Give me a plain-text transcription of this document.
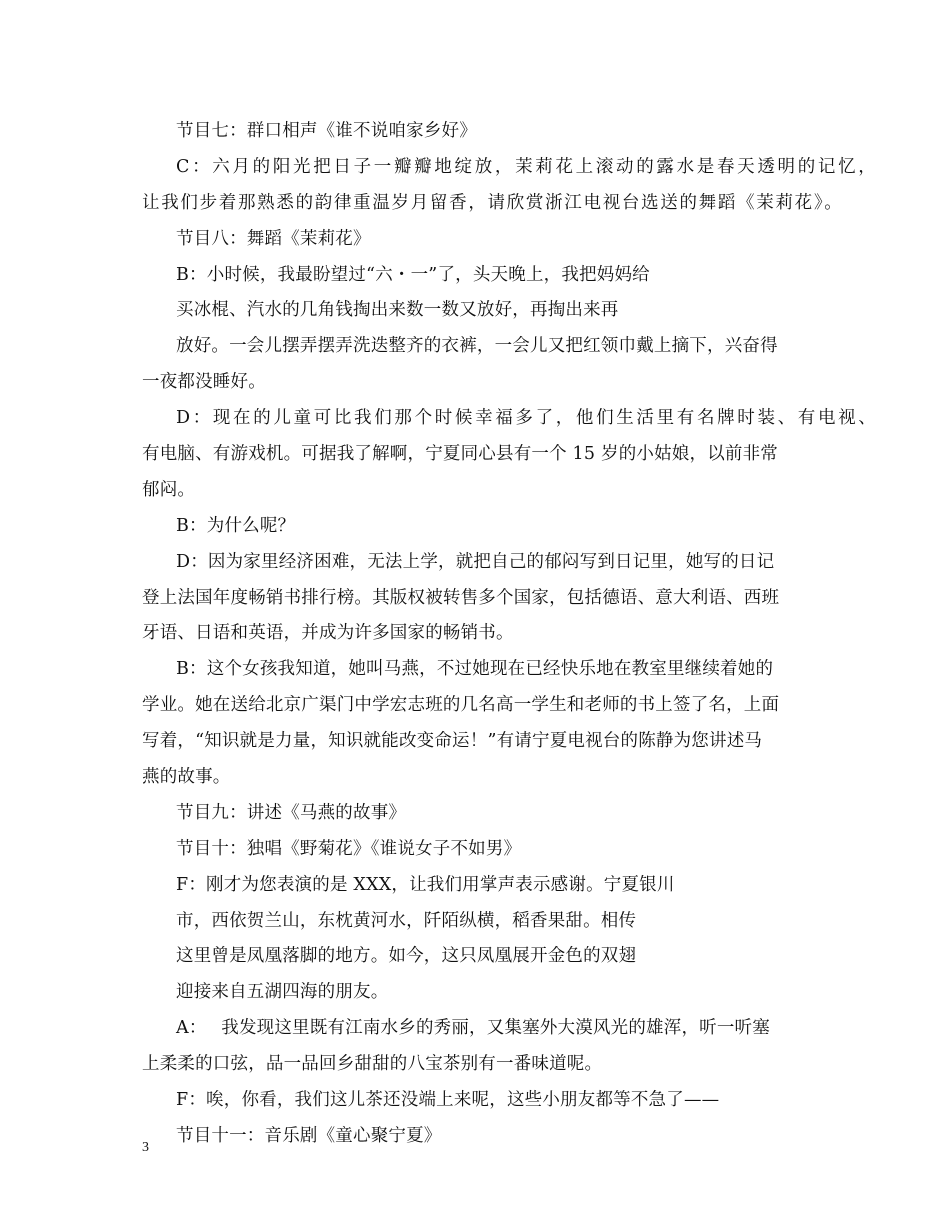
节目七：群口相声《谁不说咱家乡好》
C：六月的阳光把日子一瓣瓣地绽放，茉莉花上滚动的露水是春天透明的记忆，
让我们步着那熟悉的韵律重温岁月留香，请欣赏浙江电视台选送的舞蹈《茉莉花》。
节目八：舞蹈《茉莉花》
B：小时候，我最盼望过“六・一”了，头天晚上，我把妈妈给
买冰棍、汽水的几角钱掏出来数一数又放好，再掏出来再
放好。一会儿摆弄摆弄洗迭整齐的衣裤，一会儿又把红领巾戴上摘下，兴奋得
一夜都没睡好。
D：现在的儿童可比我们那个时候幸福多了，他们生活里有名牌时装、有电视、
有电脑、有游戏机。可据我了解啊，宁夏同心县有一个 15 岁的小姑娘，以前非常
郁闷。
B：为什么呢？
D：因为家里经济困难，无法上学，就把自己的郁闷写到日记里，她写的日记
登上法国年度畅销书排行榜。其版权被转售多个国家，包括德语、意大利语、西班
牙语、日语和英语，并成为许多国家的畅销书。
B：这个女孩我知道，她叫马燕，不过她现在已经快乐地在教室里继续着她的
学业。她在送给北京广渠门中学宏志班的几名高一学生和老师的书上签了名，上面
写着，“知识就是力量，知识就能改变命运！”有请宁夏电视台的陈静为您讲述马
燕的故事。
节目九：讲述《马燕的故事》
节目十：独唱《野菊花》《谁说女子不如男》
F：刚才为您表演的是 XXX，让我们用掌声表示感谢。宁夏银川
市，西依贺兰山，东枕黄河水，阡陌纵横，稻香果甜。相传
这里曾是凤凰落脚的地方。如今，这只凤凰展开金色的双翅
迎接来自五湖四海的朋友。
A：　 我发现这里既有江南水乡的秀丽，又集塞外大漠风光的雄浑，听一听塞
上柔柔的口弦，品一品回乡甜甜的八宝茶别有一番味道呢。
F：唉，你看，我们这儿茶还没端上来呢，这些小朋友都等不急了——
节目十一：音乐剧《童心聚宁夏》
3
